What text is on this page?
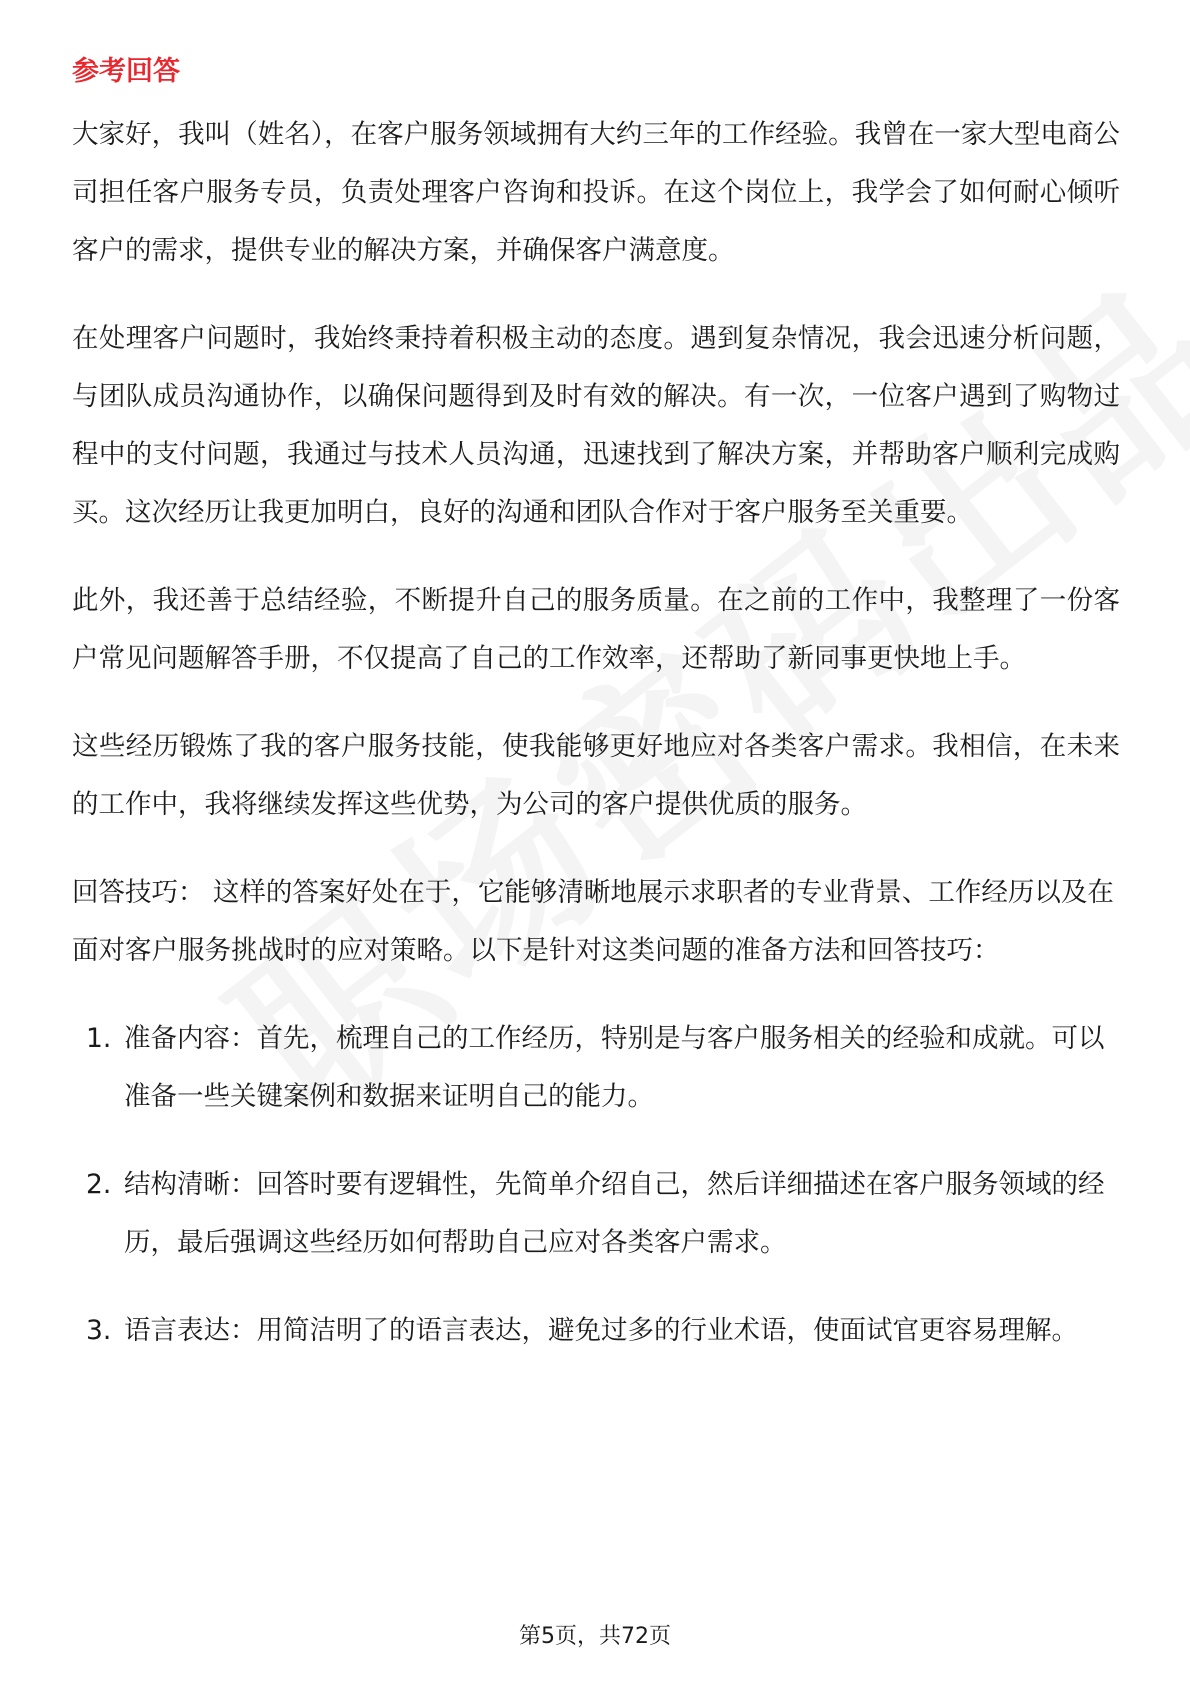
参考回答

大家好，我叫（姓名），在客户服务领域拥有大约三年的工作经验。我曾在一家大型电商公司担任客户服务专员，负责处理客户咨询和投诉。在这个岗位上，我学会了如何耐心倾听客户的需求，提供专业的解决方案，并确保客户满意度。

在处理客户问题时，我始终秉持着积极主动的态度。遇到复杂情况，我会迅速分析问题，与团队成员沟通协作，以确保问题得到及时有效的解决。有一次，一位客户遇到了购物过程中的支付问题，我通过与技术人员沟通，迅速找到了解决方案，并帮助客户顺利完成购买。这次经历让我更加明白，良好的沟通和团队合作对于客户服务至关重要。

此外，我还善于总结经验，不断提升自己的服务质量。在之前的工作中，我整理了一份客户常见问题解答手册，不仅提高了自己的工作效率，还帮助了新同事更快地上手。

这些经历锻炼了我的客户服务技能，使我能够更好地应对各类客户需求。我相信，在未来的工作中，我将继续发挥这些优势，为公司的客户提供优质的服务。

回答技巧： 这样的答案好处在于，它能够清晰地展示求职者的专业背景、工作经历以及在面对客户服务挑战时的应对策略。以下是针对这类问题的准备方法和回答技巧：

1. 准备内容：首先，梳理自己的工作经历，特别是与客户服务相关的经验和成就。可以准备一些关键案例和数据来证明自己的能力。
2. 结构清晰：回答时要有逻辑性，先简单介绍自己，然后详细描述在客户服务领域的经历，最后强调这些经历如何帮助自己应对各类客户需求。
3. 语言表达：用简洁明了的语言表达，避免过多的行业术语，使面试官更容易理解。
第5页，共72页
